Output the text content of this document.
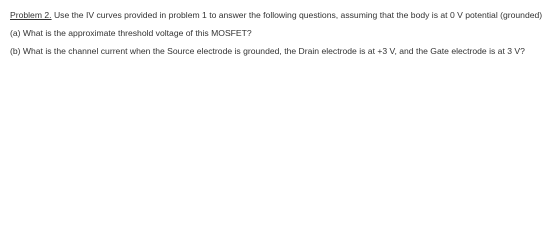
Problem 2. Use the IV curves provided in problem 1 to answer the following questions, assuming that the body is at 0 V potential (grounded)

(a) What is the approximate threshold voltage of this MOSFET?

(b) What is the channel current when the Source electrode is grounded, the Drain electrode is at +3 V, and the Gate electrode is at 3 V?
